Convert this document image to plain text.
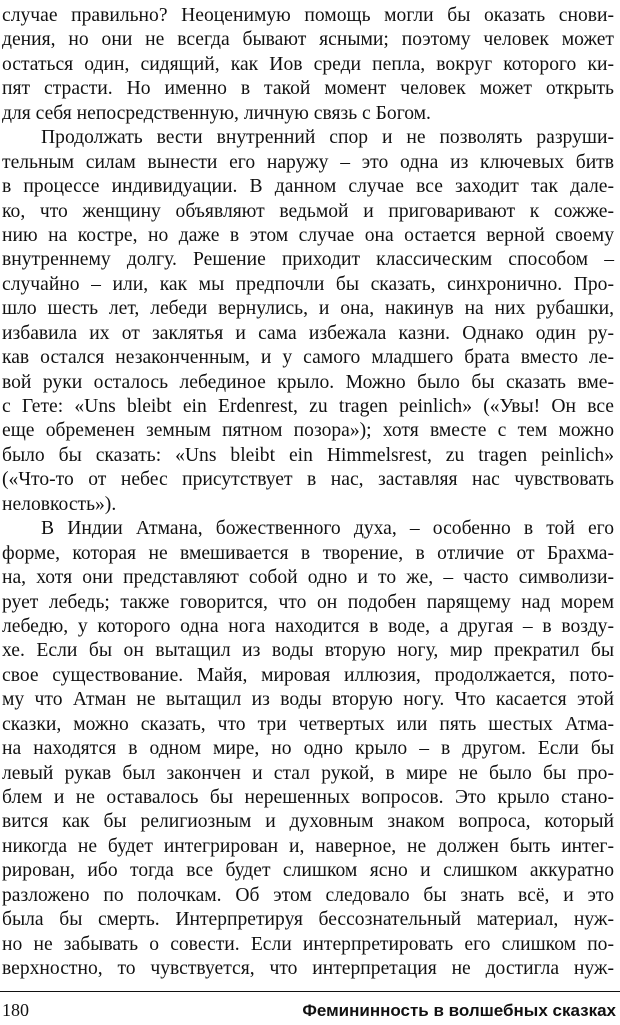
случае правильно? Неоценимую помощь могли бы оказать снови-
дения, но они не всегда бывают ясными; поэтому человек может
остаться один, сидящий, как Иов среди пепла, вокруг которого ки-
пят страсти. Но именно в такой момент человек может открыть
для себя непосредственную, личную связь с Богом.
Продолжать вести внутренний спор и не позволять разруши-
тельным силам вынести его наружу – это одна из ключевых битв
в процессе индивидуации. В данном случае все заходит так дале-
ко, что женщину объявляют ведьмой и приговаривают к сожже-
нию на костре, но даже в этом случае она остается верной своему
внутреннему долгу. Решение приходит классическим способом –
случайно – или, как мы предпочли бы сказать, синхронично. Про-
шло шесть лет, лебеди вернулись, и она, накинув на них рубашки,
избавила их от заклятья и сама избежала казни. Однако один ру-
кав остался незаконченным, и у самого младшего брата вместо ле-
вой руки осталось лебединое крыло. Можно было бы сказать вме-
с Гете: «Uns bleibt ein Erdenrest, zu tragen peinlich» («Увы! Он все
еще обременен земным пятном позора»); хотя вместе с тем можно
было бы сказать: «Uns bleibt ein Himmelsrest, zu tragen peinlich»
(«Что-то от небес присутствует в нас, заставляя нас чувствовать
неловкость»).
В Индии Атмана, божественного духа, – особенно в той его
форме, которая не вмешивается в творение, в отличие от Брахма-
на, хотя они представляют собой одно и то же, – часто символизи-
рует лебедь; также говорится, что он подобен парящему над морем
лебедю, у которого одна нога находится в воде, а другая – в возду-
хе. Если бы он вытащил из воды вторую ногу, мир прекратил бы
свое существование. Майя, мировая иллюзия, продолжается, пото-
му что Атман не вытащил из воды вторую ногу. Что касается этой
сказки, можно сказать, что три четвертых или пять шестых Атма-
на находятся в одном мире, но одно крыло – в другом. Если бы
левый рукав был закончен и стал рукой, в мире не было бы про-
блем и не оставалось бы нерешенных вопросов. Это крыло стано-
вится как бы религиозным и духовным знаком вопроса, который
никогда не будет интегрирован и, наверное, не должен быть интег-
рирован, ибо тогда все будет слишком ясно и слишком аккуратно
разложено по полочкам. Об этом следовало бы знать всё, и это
была бы смерть. Интерпретируя бессознательный материал, нуж-
но не забывать о совести. Если интерпретировать его слишком по-
верхностно, то чувствуется, что интерпретация не достигла нуж-
180	Фемининность в волшебных сказках
